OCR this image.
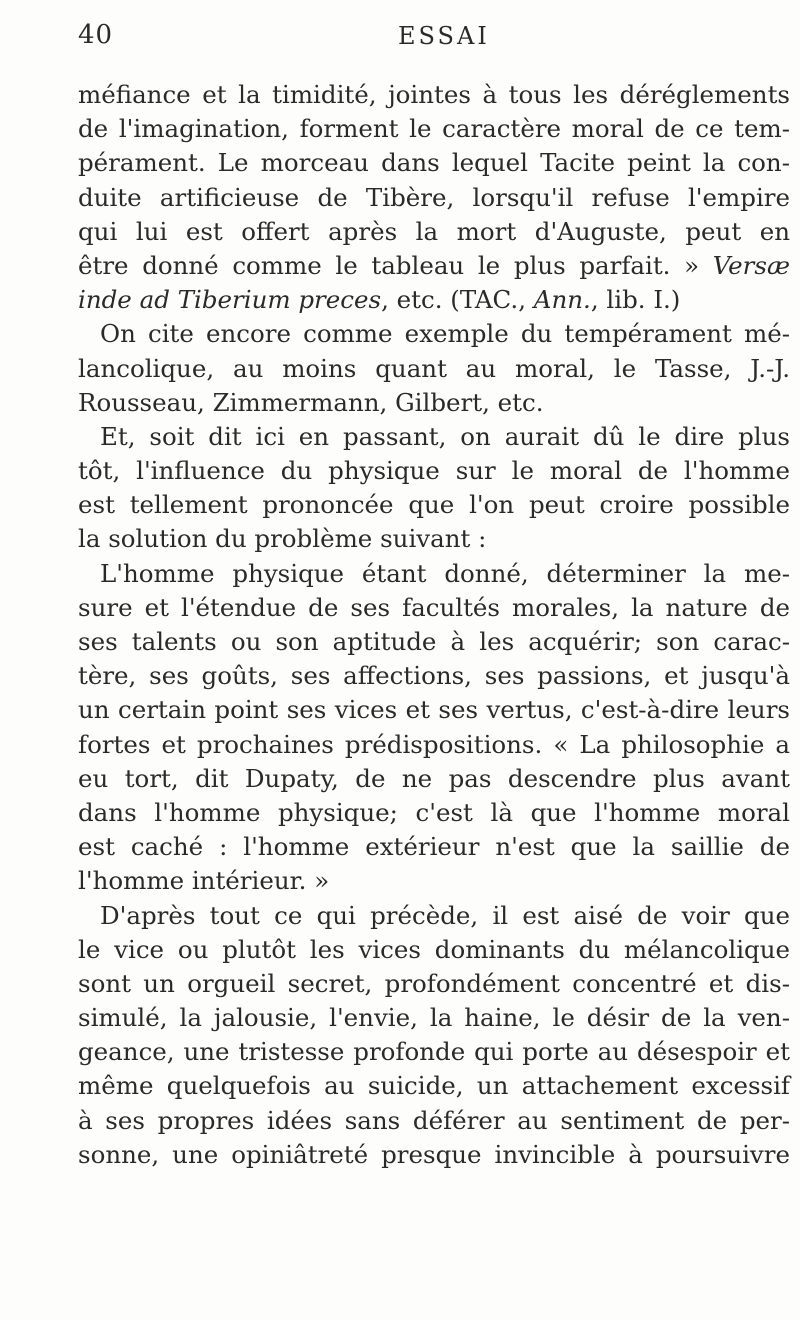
40	ESSAI
méfiance et la timidité, jointes à tous les déréglements
de l'imagination, forment le caractère moral de ce tem-
pérament. Le morceau dans lequel Tacite peint la con-
duite artificieuse de Tibère, lorsqu'il refuse l'empire
qui lui est offert après la mort d'Auguste, peut en
être donné comme le tableau le plus parfait. » Versæ
inde ad Tiberium preces, etc. (TAC., Ann., lib. I.)
On cite encore comme exemple du tempérament mé-
lancolique, au moins quant au moral, le Tasse, J.-J.
Rousseau, Zimmermann, Gilbert, etc.
Et, soit dit ici en passant, on aurait dû le dire plus
tôt, l'influence du physique sur le moral de l'homme
est tellement prononcée que l'on peut croire possible
la solution du problème suivant :
L'homme physique étant donné, déterminer la me-
sure et l'étendue de ses facultés morales, la nature de
ses talents ou son aptitude à les acquérir; son carac-
tère, ses goûts, ses affections, ses passions, et jusqu'à
un certain point ses vices et ses vertus, c'est-à-dire leurs
fortes et prochaines prédispositions. « La philosophie a
eu tort, dit Dupaty, de ne pas descendre plus avant
dans l'homme physique; c'est là que l'homme moral
est caché : l'homme extérieur n'est que la saillie de
l'homme intérieur. »
D'après tout ce qui précède, il est aisé de voir que
le vice ou plutôt les vices dominants du mélancolique
sont un orgueil secret, profondément concentré et dis-
simulé, la jalousie, l'envie, la haine, le désir de la ven-
geance, une tristesse profonde qui porte au désespoir et
même quelquefois au suicide, un attachement excessif
à ses propres idées sans déférer au sentiment de per-
sonne, une opiniâtreté presque invincible à poursuivre
